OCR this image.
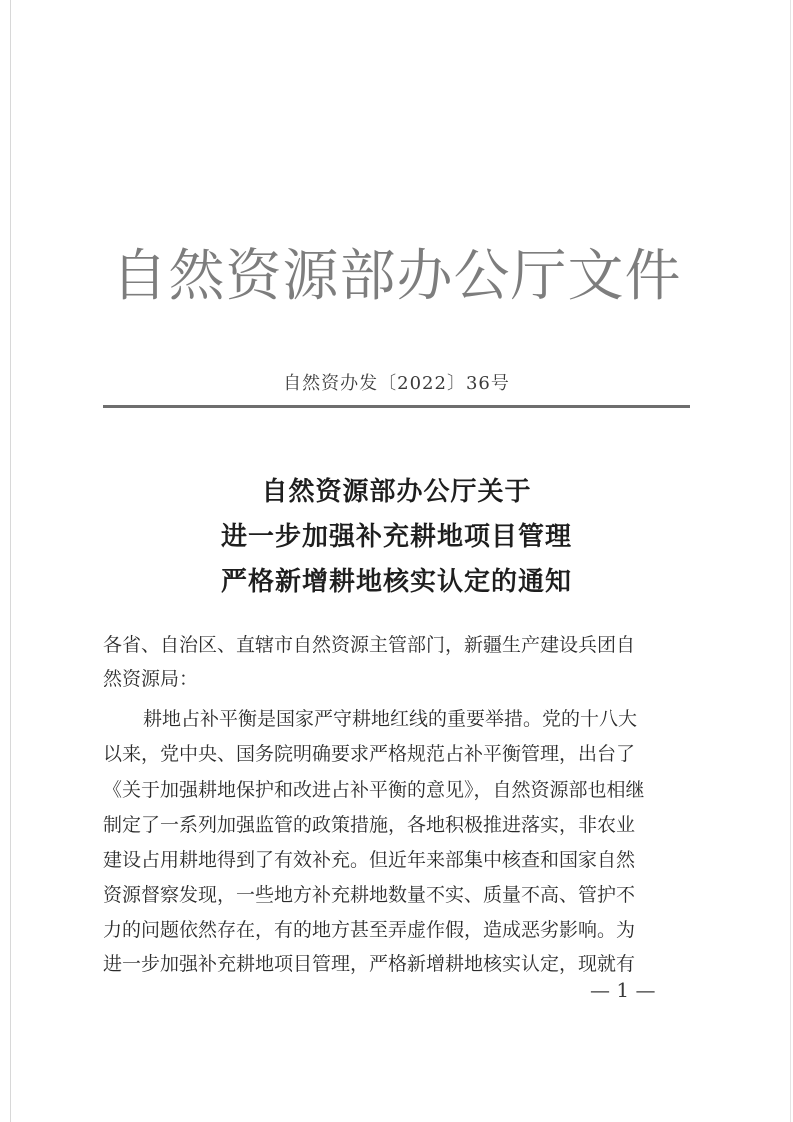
自然资源部办公厅文件
自然资办发〔2022〕36号
自然资源部办公厅关于
进一步加强补充耕地项目管理
严格新增耕地核实认定的通知
各省、自治区、直辖市自然资源主管部门，新疆生产建设兵团自
然资源局：
耕地占补平衡是国家严守耕地红线的重要举措。党的十八大
以来，党中央、国务院明确要求严格规范占补平衡管理，出台了
《关于加强耕地保护和改进占补平衡的意见》，自然资源部也相继
制定了一系列加强监管的政策措施，各地积极推进落实，非农业
建设占用耕地得到了有效补充。但近年来部集中核查和国家自然
资源督察发现，一些地方补充耕地数量不实、质量不高、管护不
力的问题依然存在，有的地方甚至弄虚作假，造成恶劣影响。为
进一步加强补充耕地项目管理，严格新增耕地核实认定，现就有
— 1 —
